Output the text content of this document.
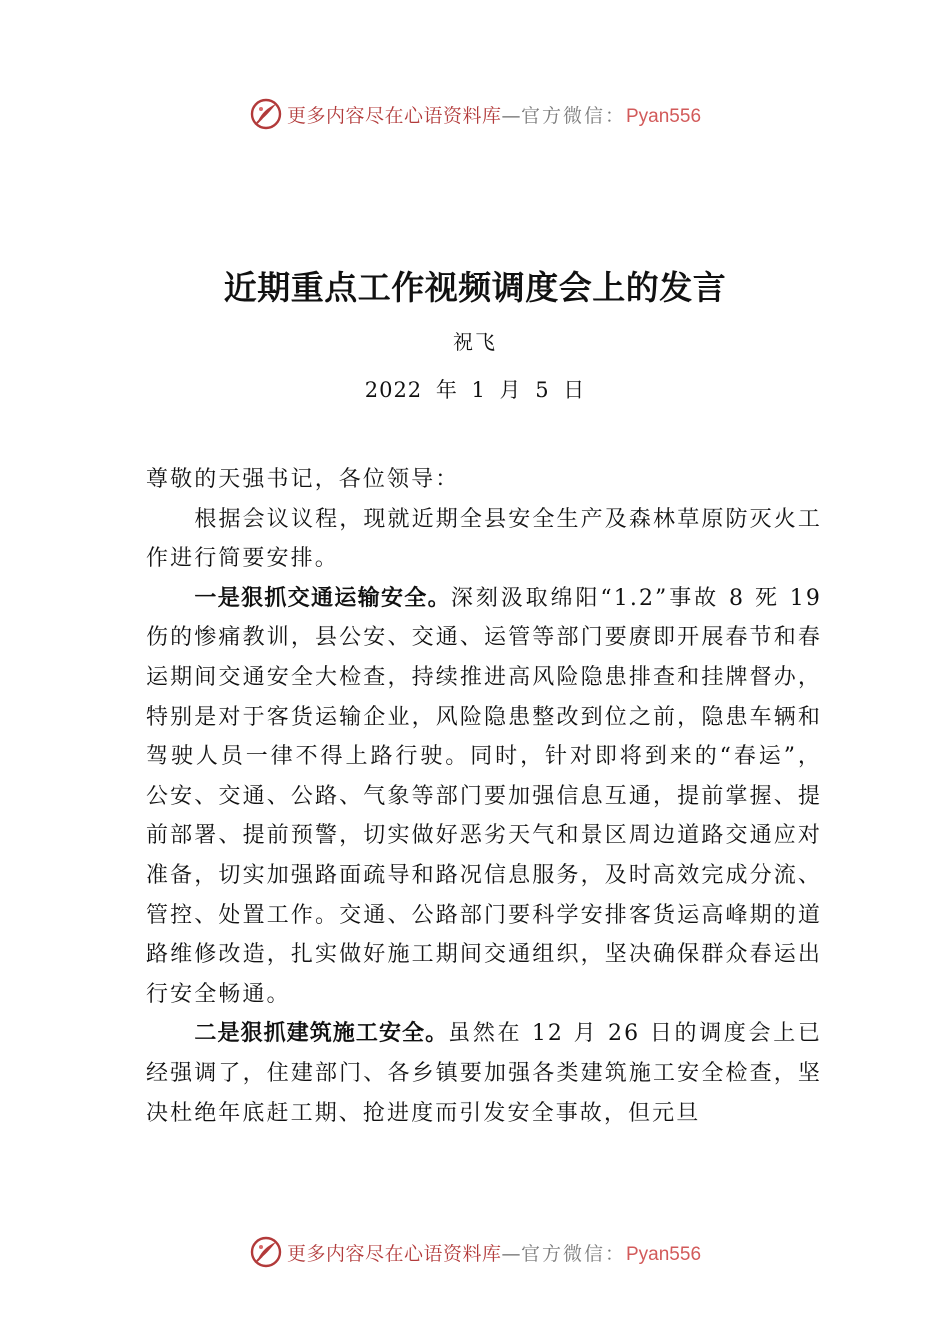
更多内容尽在心语资料库—官方微信：Pyan556
近期重点工作视频调度会上的发言
祝飞
2022 年 1 月 5 日

尊敬的天强书记，各位领导：

根据会议议程，现就近期全县安全生产及森林草原防灭火工作进行简要安排。

一是狠抓交通运输安全。深刻汲取绵阳“1.2”事故 8 死 19 伤的惨痛教训，县公安、交通、运管等部门要赓即开展春节和春运期间交通安全大检查，持续推进高风险隐患排查和挂牌督办，特别是对于客货运输企业，风险隐患整改到位之前，隐患车辆和驾驶人员一律不得上路行驶。同时，针对即将到来的“春运”，公安、交通、公路、气象等部门要加强信息互通，提前掌握、提前部署、提前预警，切实做好恶劣天气和景区周边道路交通应对准备，切实加强路面疏导和路况信息服务，及时高效完成分流、管控、处置工作。交通、公路部门要科学安排客货运高峰期的道路维修改造，扎实做好施工期间交通组织，坚决确保群众春运出行安全畅通。

二是狠抓建筑施工安全。虽然在 12 月 26 日的调度会上已经强调了，住建部门、各乡镇要加强各类建筑施工安全检查，坚决杜绝年底赶工期、抢进度而引发安全事故，但元旦

更多内容尽在心语资料库—官方微信：Pyan556
